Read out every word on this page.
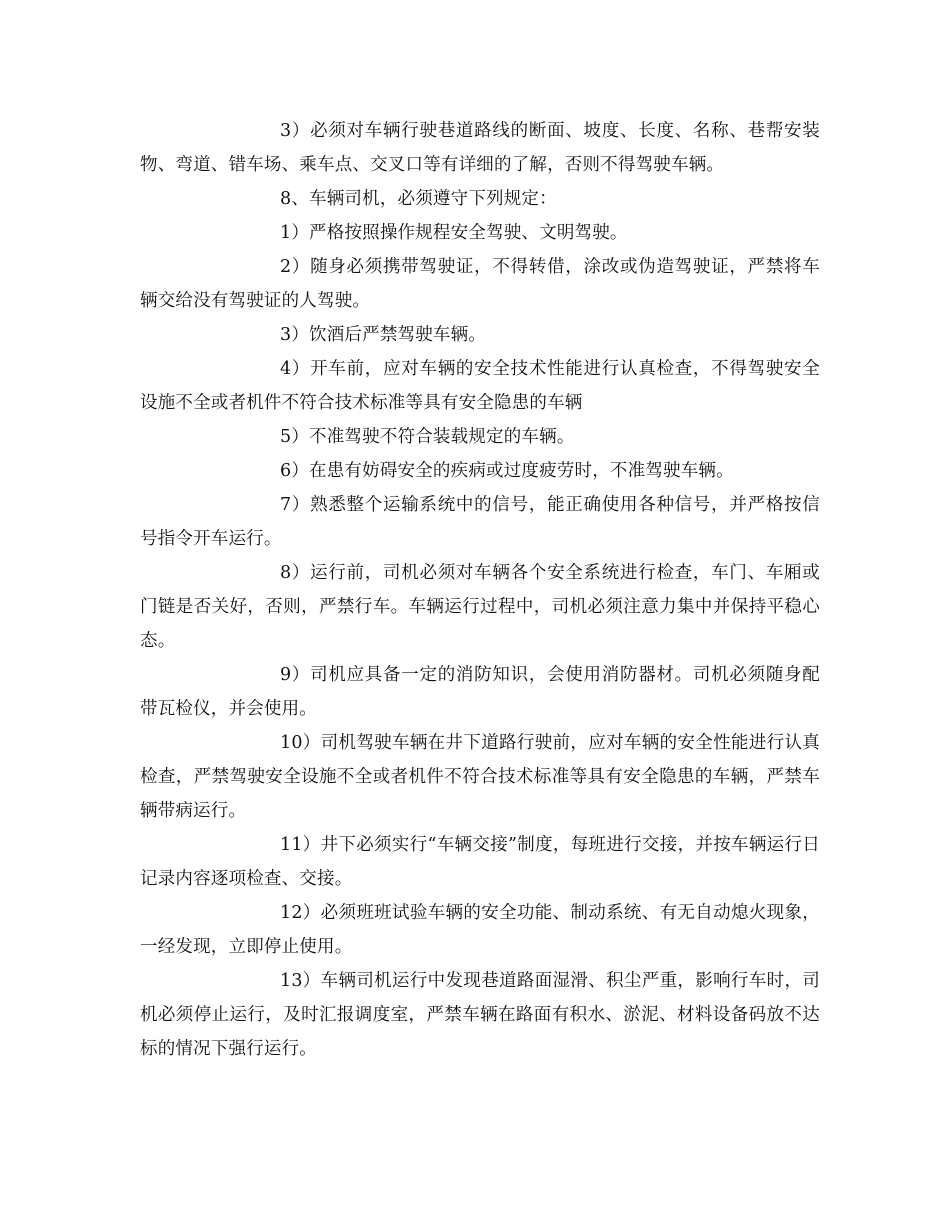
3）必须对车辆行驶巷道路线的断面、坡度、长度、名称、巷帮安装物、弯道、错车场、乘车点、交叉口等有详细的了解，否则不得驾驶车辆。

8、车辆司机，必须遵守下列规定：

1）严格按照操作规程安全驾驶、文明驾驶。

2）随身必须携带驾驶证，不得转借，涂改或伪造驾驶证，严禁将车辆交给没有驾驶证的人驾驶。

3）饮酒后严禁驾驶车辆。

4）开车前，应对车辆的安全技术性能进行认真检查，不得驾驶安全设施不全或者机件不符合技术标准等具有安全隐患的车辆

5）不准驾驶不符合装载规定的车辆。

6）在患有妨碍安全的疾病或过度疲劳时，不准驾驶车辆。

7）熟悉整个运输系统中的信号，能正确使用各种信号，并严格按信号指令开车运行。

8）运行前，司机必须对车辆各个安全系统进行检查，车门、车厢或门链是否关好，否则，严禁行车。车辆运行过程中，司机必须注意力集中并保持平稳心态。

9）司机应具备一定的消防知识，会使用消防器材。司机必须随身配带瓦检仪，并会使用。

10）司机驾驶车辆在井下道路行驶前，应对车辆的安全性能进行认真检查，严禁驾驶安全设施不全或者机件不符合技术标准等具有安全隐患的车辆，严禁车辆带病运行。

11）井下必须实行“车辆交接”制度，每班进行交接，并按车辆运行日记录内容逐项检查、交接。

12）必须班班试验车辆的安全功能、制动系统、有无自动熄火现象，一经发现，立即停止使用。

13）车辆司机运行中发现巷道路面湿滑、积尘严重，影响行车时，司机必须停止运行，及时汇报调度室，严禁车辆在路面有积水、淤泥、材料设备码放不达标的情况下强行运行。
